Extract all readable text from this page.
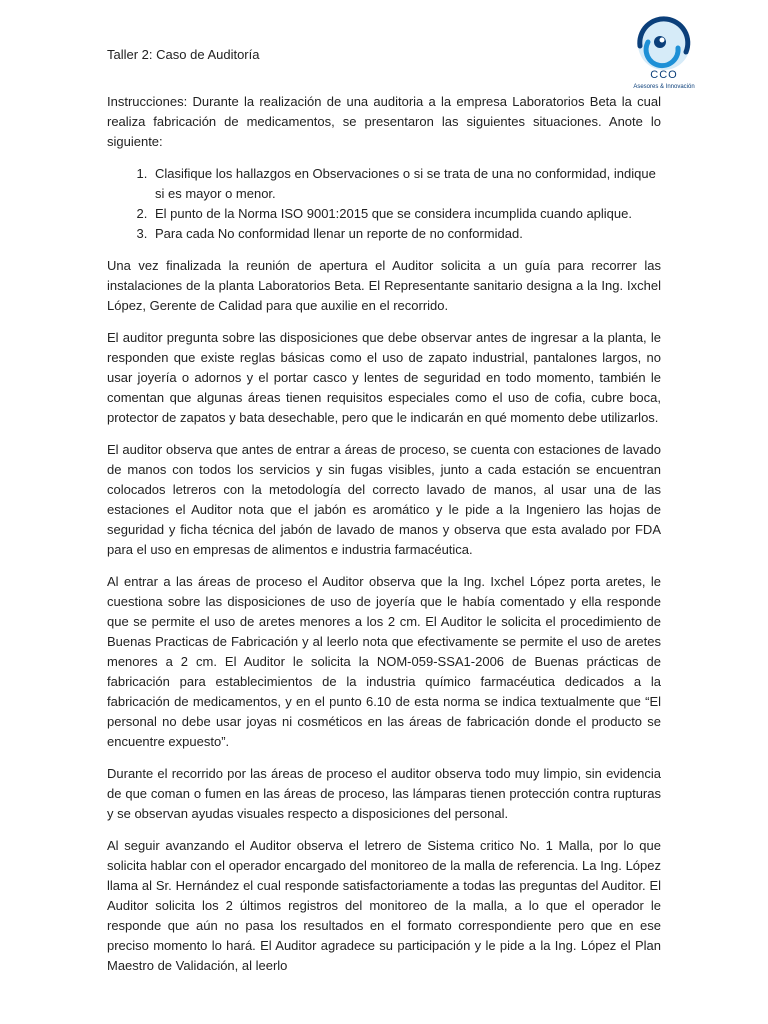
Taller 2: Caso de Auditoría
CCO
Asesores & Innovación

Instrucciones: Durante la realización de una auditoria a la empresa Laboratorios Beta la cual realiza fabricación de medicamentos, se presentaron las siguientes situaciones. Anote lo siguiente:

1. Clasifique los hallazgos en Observaciones o si se trata de una no conformidad, indique si es mayor o menor.
2. El punto de la Norma ISO 9001:2015 que se considera incumplida cuando aplique.
3. Para cada No conformidad llenar un reporte de no conformidad.

Una vez finalizada la reunión de apertura el Auditor solicita a un guía para recorrer las instalaciones de la planta Laboratorios Beta. El Representante sanitario designa a la Ing. Ixchel López, Gerente de Calidad para que auxilie en el recorrido.

El auditor pregunta sobre las disposiciones que debe observar antes de ingresar a la planta, le responden que existe reglas básicas como el uso de zapato industrial, pantalones largos, no usar joyería o adornos y el portar casco y lentes de seguridad en todo momento, también le comentan que algunas áreas tienen requisitos especiales como el uso de cofia, cubre boca, protector de zapatos y bata desechable, pero que le indicarán en qué momento debe utilizarlos.

El auditor observa que antes de entrar a áreas de proceso, se cuenta con estaciones de lavado de manos con todos los servicios y sin fugas visibles, junto a cada estación se encuentran colocados letreros con la metodología del correcto lavado de manos, al usar una de las estaciones el Auditor nota que el jabón es aromático y le pide a la Ingeniero las hojas de seguridad y ficha técnica del jabón de lavado de manos y observa que esta avalado por FDA para el uso en empresas de alimentos e industria farmacéutica.

Al entrar a las áreas de proceso el Auditor observa que la Ing. Ixchel López porta aretes, le cuestiona sobre las disposiciones de uso de joyería que le había comentado y ella responde que se permite el uso de aretes menores a los 2 cm. El Auditor le solicita el procedimiento de Buenas Practicas de Fabricación y al leerlo nota que efectivamente se permite el uso de aretes menores a 2 cm. El Auditor le solicita la NOM-059-SSA1-2006 de Buenas prácticas de fabricación para establecimientos de la industria químico farmacéutica dedicados a la fabricación de medicamentos, y en el punto 6.10 de esta norma se indica textualmente que “El personal no debe usar joyas ni cosméticos en las áreas de fabricación donde el producto se encuentre expuesto”.

Durante el recorrido por las áreas de proceso el auditor observa todo muy limpio, sin evidencia de que coman o fumen en las áreas de proceso, las lámparas tienen protección contra rupturas y se observan ayudas visuales respecto a disposiciones del personal.

Al seguir avanzando el Auditor observa el letrero de Sistema critico No. 1 Malla, por lo que solicita hablar con el operador encargado del monitoreo de la malla de referencia. La Ing. López llama al Sr. Hernández el cual responde satisfactoriamente a todas las preguntas del Auditor. El Auditor solicita los 2 últimos registros del monitoreo de la malla, a lo que el operador le responde que aún no pasa los resultados en el formato correspondiente pero que en ese preciso momento lo hará. El Auditor agradece su participación y le pide a la Ing. López el Plan Maestro de Validación, al leerlo
